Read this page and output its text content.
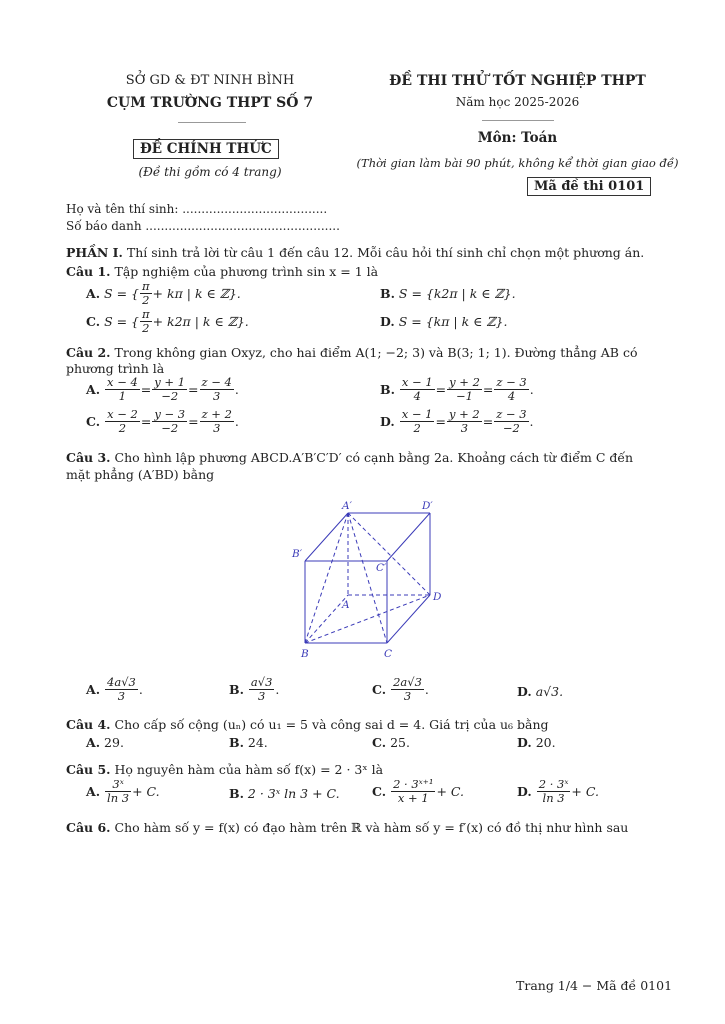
SỞ GD & ĐT NINH BÌNH
CỤM TRƯỜNG THPT SỐ 7
ĐỀ THI THỬ TỐT NGHIỆP THPT
Năm học 2025-2026
ĐỀ CHÍNH THỨC
(Đề thi gồm có 4 trang)
Môn: Toán
(Thời gian làm bài 90 phút, không kể thời gian giao đề)
Mã đề thi 0101
Họ và tên thí sinh: ......................................
Số báo danh ...................................................
PHẦN I. Thí sinh trả lời từ câu 1 đến câu 12. Mỗi câu hỏi thí sinh chỉ chọn một phương án.
Câu 1. Tập nghiệm của phương trình sin x = 1 là
A.
S = { $\frac{\pi}{2} + k\pi$ | k ∈ ℤ}.	B.
S = {k2π | k ∈ ℤ}.
C.
S = { $\frac{\pi}{2} + k2\pi$ | k ∈ ℤ}.	D.
S = {kπ | k ∈ ℤ}.
Câu 2. Trong không gian Oxyz, cho hai điểm A(1; −2; 3) và B(3; 1; 1). Đường thẳng AB có
phương trình là
A.
$\frac{x - 4}{1} = \frac{y + 1}{-2} = \frac{z - 4}{3}$ .	B.
$\frac{x - 1}{4} = \frac{y + 2}{-1} = \frac{z - 3}{4}$ .
C.
$\frac{x - 2}{2} = \frac{y - 3}{-2} = \frac{z + 2}{3}$ .	D.
$\frac{x - 1}{2} = \frac{y + 2}{3} = \frac{z - 3}{-2}$ .
Câu 3. Cho hình lập phương ABCD.A′B′C′D′ có cạnh bằng 2a. Khoảng cách từ điểm C đến
mặt phẳng (A′BD) bằng
A′	D′
B′
C′
A
D
B	C
A.
$\frac{4a√3}{3}$ .	B.
$\frac{a√3}{3}$ .	C.
$\frac{2a√3}{3}$ .	D.
a√3.
Câu 4. Cho cấp số cộng (uₙ) có u₁ = 5 và công sai d = 4. Giá trị của u₆ bằng
A.
29.	B.
24.	C.
25.	D.
20.
Câu 5. Họ nguyên hàm của hàm số f(x) = 2 · 3ˣ là
A.
$\frac{\text{3ˣ}}{\ln 3} + C$.	B.
2 · 3ˣ ln 3 + C.	C.
$\frac{\text{2 · 3ˣ⁺¹}}{x + 1} + C$.	D.
$\frac{\text{2 · 3ˣ}}{\ln 3} + C$.
Câu 6. Cho hàm số y = f(x) có đạo hàm trên ℝ và hàm số y = f′(x) có đồ thị như hình sau
Trang 1/4 − Mã đề 0101
